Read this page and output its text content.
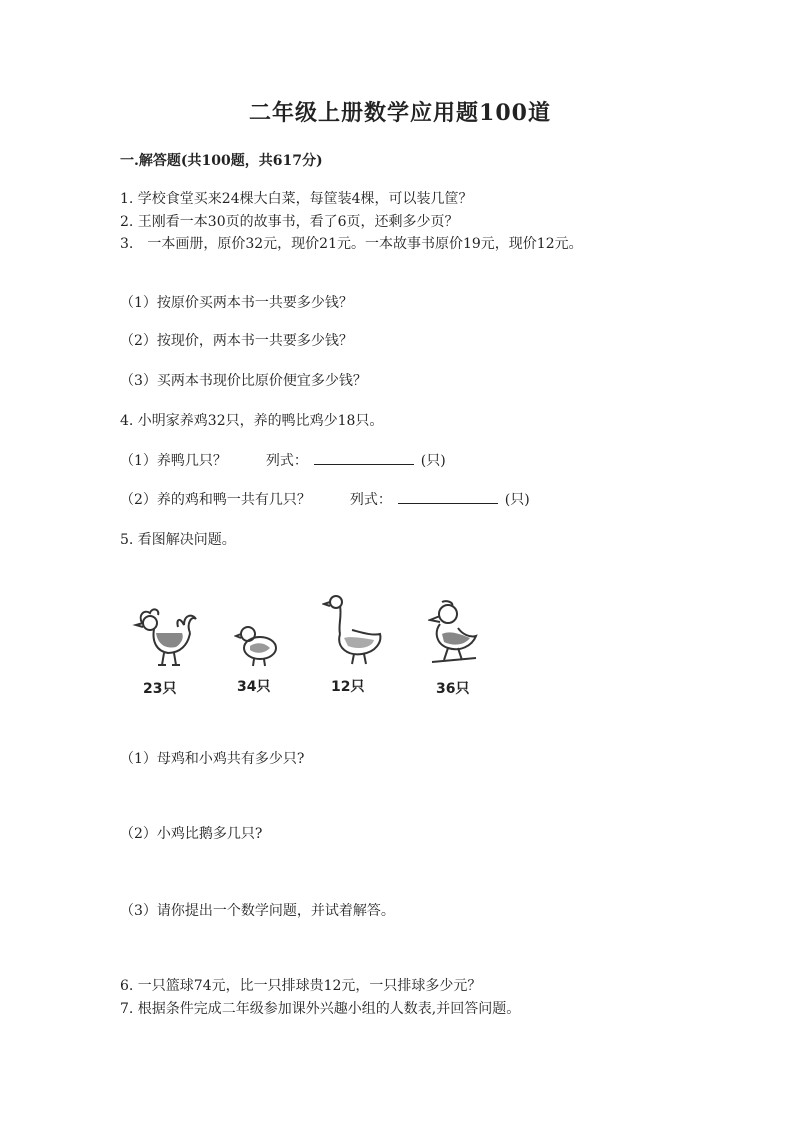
二年级上册数学应用题100道
一.解答题(共100题，共617分)
1. 学校食堂买来24棵大白菜，每筐装4棵，可以装几筐？
2. 王刚看一本30页的故事书，看了6页，还剩多少页？
3.　一本画册，原价32元，现价21元。一本故事书原价19元，现价12元。
（1）按原价买两本书一共要多少钱？
（2）按现价，两本书一共要多少钱？
（3）买两本书现价比原价便宜多少钱？
4. 小明家养鸡32只，养的鸭比鸡少18只。
（1）养鸭几只？	列式：	(只)
（2）养的鸡和鸭一共有几只？	列式：	(只)
5. 看图解决问题。
23只	34只	12只	36只
（1）母鸡和小鸡共有多少只?
（2）小鸡比鹅多几只?
（3）请你提出一个数学问题，并试着解答。
6. 一只篮球74元，比一只排球贵12元，一只排球多少元？
7. 根据条件完成二年级参加课外兴趣小组的人数表,并回答问题。
